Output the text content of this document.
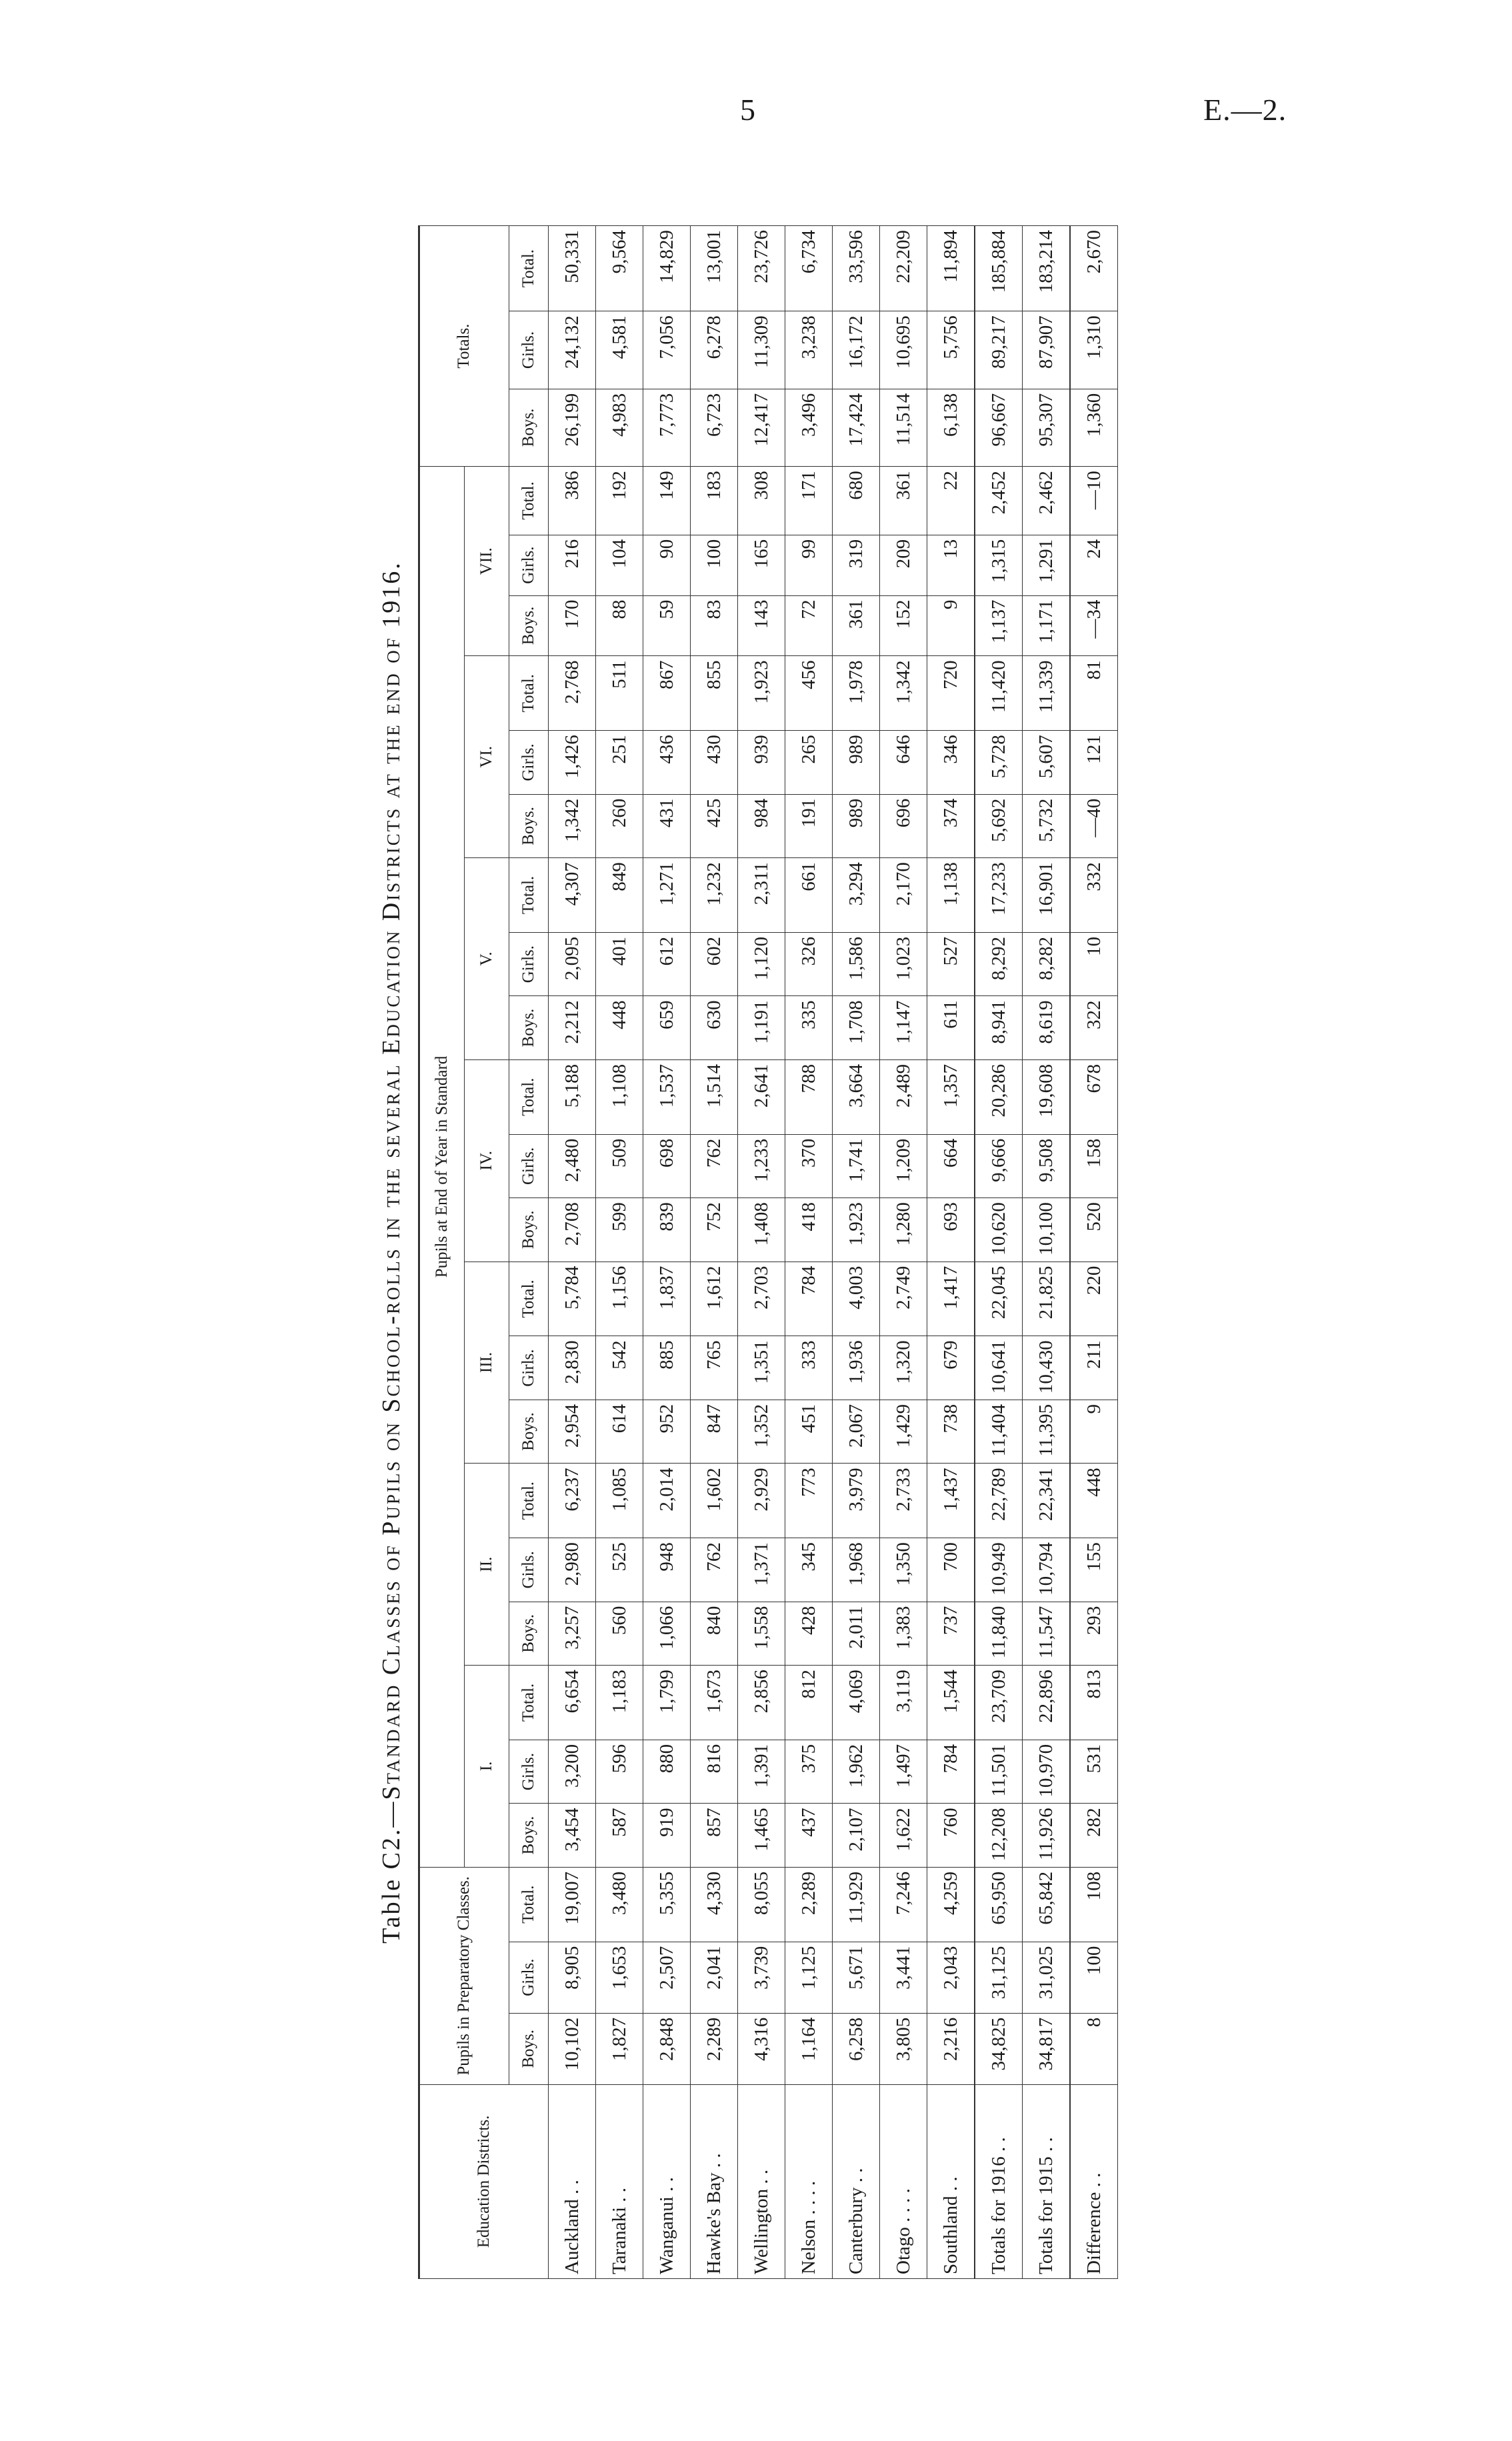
5	E.—2.
Table C2.—Standard Classes of Pupils on School-rolls in the several Education Districts at the end of 1916.
Education Districts.	Pupils in Preparatory Classes.			Pupils at End of Year in Standard																					Totals.		
				I.			II.			III.			IV.			V.			VI.			VII.					
	Boys.	Girls.	Total.	Boys.	Girls.	Total.	Boys.	Girls.	Total.	Boys.	Girls.	Total.	Boys.	Girls.	Total.	Boys.	Girls.	Total.	Boys.	Girls.	Total.	Boys.	Girls.	Total.	Boys.	Girls.	Total.
Auckland . .	10,102	8,905	19,007	3,454	3,200	6,654	3,257	2,980	6,237	2,954	2,830	5,784	2,708	2,480	5,188	2,212	2,095	4,307	1,342	1,426	2,768	170	216	386	26,199	24,132	50,331
Taranaki . .	1,827	1,653	3,480	587	596	1,183	560	525	1,085	614	542	1,156	599	509	1,108	448	401	849	260	251	511	88	104	192	4,983	4,581	9,564
Wanganui . .	2,848	2,507	5,355	919	880	1,799	1,066	948	2,014	952	885	1,837	839	698	1,537	659	612	1,271	431	436	867	59	90	149	7,773	7,056	14,829
Hawke's Bay . .	2,289	2,041	4,330	857	816	1,673	840	762	1,602	847	765	1,612	752	762	1,514	630	602	1,232	425	430	855	83	100	183	6,723	6,278	13,001
Wellington . .	4,316	3,739	8,055	1,465	1,391	2,856	1,558	1,371	2,929	1,352	1,351	2,703	1,408	1,233	2,641	1,191	1,120	2,311	984	939	1,923	143	165	308	12,417	11,309	23,726
Nelson . . . .	1,164	1,125	2,289	437	375	812	428	345	773	451	333	784	418	370	788	335	326	661	191	265	456	72	99	171	3,496	3,238	6,734
Canterbury . .	6,258	5,671	11,929	2,107	1,962	4,069	2,011	1,968	3,979	2,067	1,936	4,003	1,923	1,741	3,664	1,708	1,586	3,294	989	989	1,978	361	319	680	17,424	16,172	33,596
Otago . . . .	3,805	3,441	7,246	1,622	1,497	3,119	1,383	1,350	2,733	1,429	1,320	2,749	1,280	1,209	2,489	1,147	1,023	2,170	696	646	1,342	152	209	361	11,514	10,695	22,209
Southland . .	2,216	2,043	4,259	760	784	1,544	737	700	1,437	738	679	1,417	693	664	1,357	611	527	1,138	374	346	720	9	13	22	6,138	5,756	11,894
Totals for 1916 . .	34,825	31,125	65,950	12,208	11,501	23,709	11,840	10,949	22,789	11,404	10,641	22,045	10,620	9,666	20,286	8,941	8,292	17,233	5,692	5,728	11,420	1,137	1,315	2,452	96,667	89,217	185,884
Totals for 1915 . .	34,817	31,025	65,842	11,926	10,970	22,896	11,547	10,794	22,341	11,395	10,430	21,825	10,100	9,508	19,608	8,619	8,282	16,901	5,732	5,607	11,339	1,171	1,291	2,462	95,307	87,907	183,214
Difference . .	8	100	108	282	531	813	293	155	448	9	211	220	520	158	678	322	10	332	—40	121	81	—34	24	—10	1,360	1,310	2,670
